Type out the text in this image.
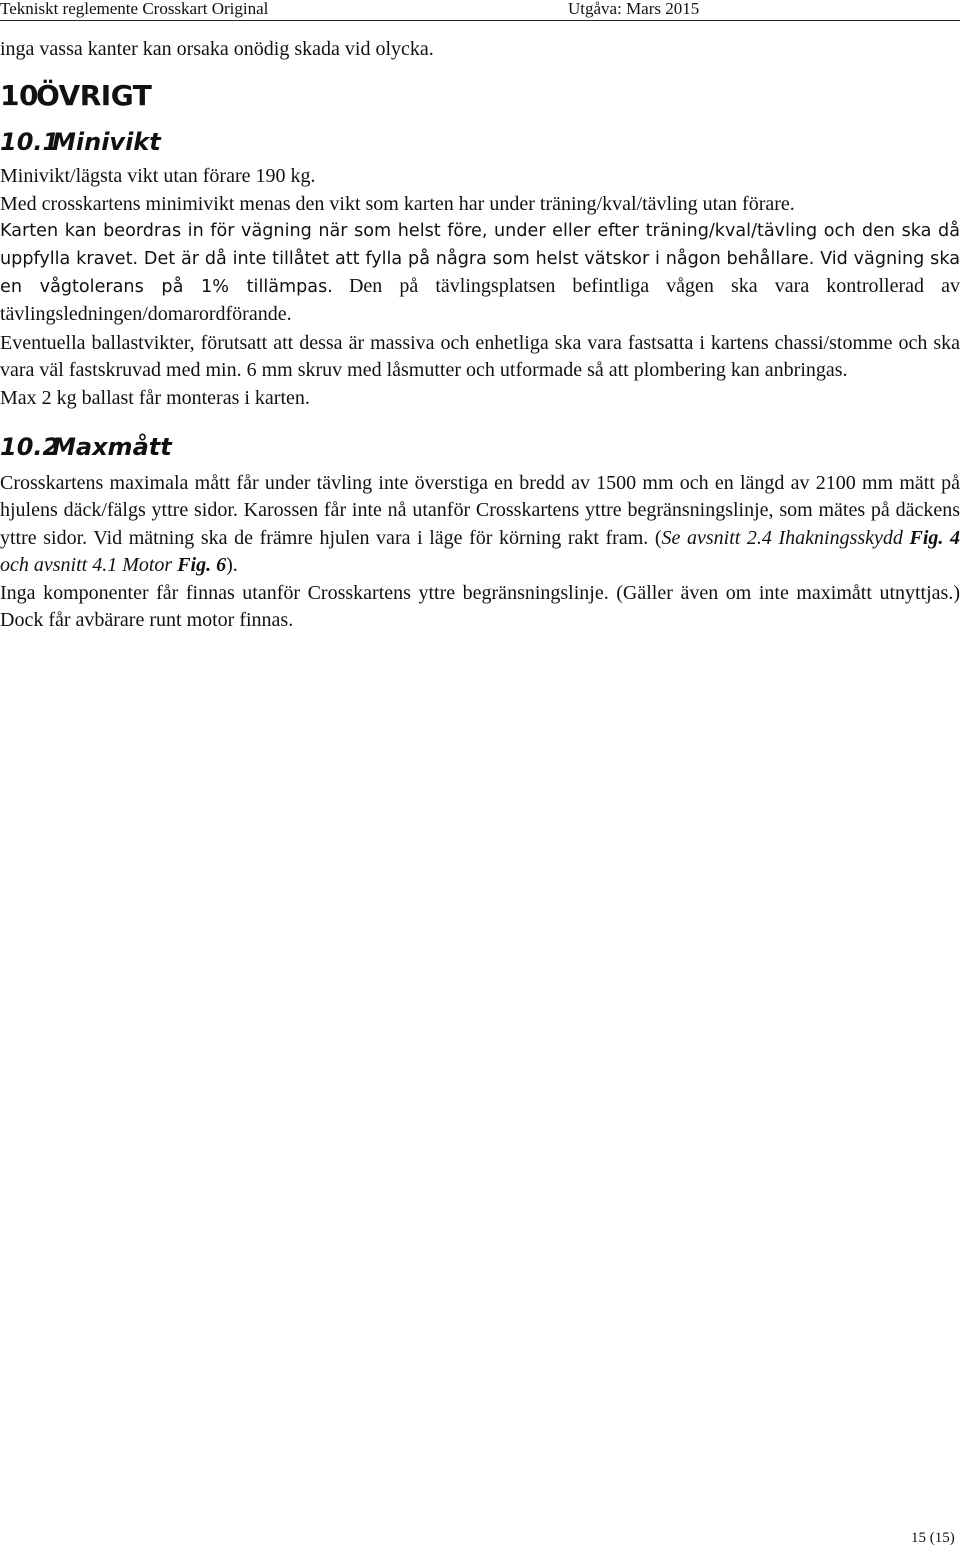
Tekniskt reglemente Crosskart Original	Utgåva: Mars 2015

inga vassa kanter kan orsaka onödig skada vid olycka.

10ÖVRIGT
10.1Minivikt

Minivikt/lägsta vikt utan förare 190 kg.

Med crosskartens minimivikt menas den vikt som karten har under träning/kval/tävling utan förare.

Karten kan beordras in för vägning när som helst före, under eller efter träning/kval/tävling och den ska då uppfylla kravet. Det är då inte tillåtet att fylla på några som helst vätskor i någon behållare. Vid vägning ska en vågtolerans på 1% tillämpas. Den på tävlingsplatsen befintliga vågen ska vara kontrollerad av tävlingsledningen/domarordförande.

Eventuella ballastvikter, förutsatt att dessa är massiva och enhetliga ska vara fastsatta i kartens chassi/stomme och ska vara väl fastskruvad med min. 6 mm skruv med låsmutter och utformade så att plombering kan anbringas.

Max 2 kg ballast får monteras i karten.

10.2Maxmått

Crosskartens maximala mått får under tävling inte överstiga en bredd av 1500 mm och en längd av 2100 mm mätt på hjulens däck/fälgs yttre sidor. Karossen får inte nå utanför Crosskartens yttre begränsningslinje, som mätes på däckens yttre sidor. Vid mätning ska de främre hjulen vara i läge för körning rakt fram. (Se avsnitt 2.4 Ihakningsskydd Fig. 4 och avsnitt 4.1 Motor Fig. 6).

Inga komponenter får finnas utanför Crosskartens yttre begränsningslinje. (Gäller även om inte maximått utnyttjas.) Dock får avbärare runt motor finnas.

15 (15)
